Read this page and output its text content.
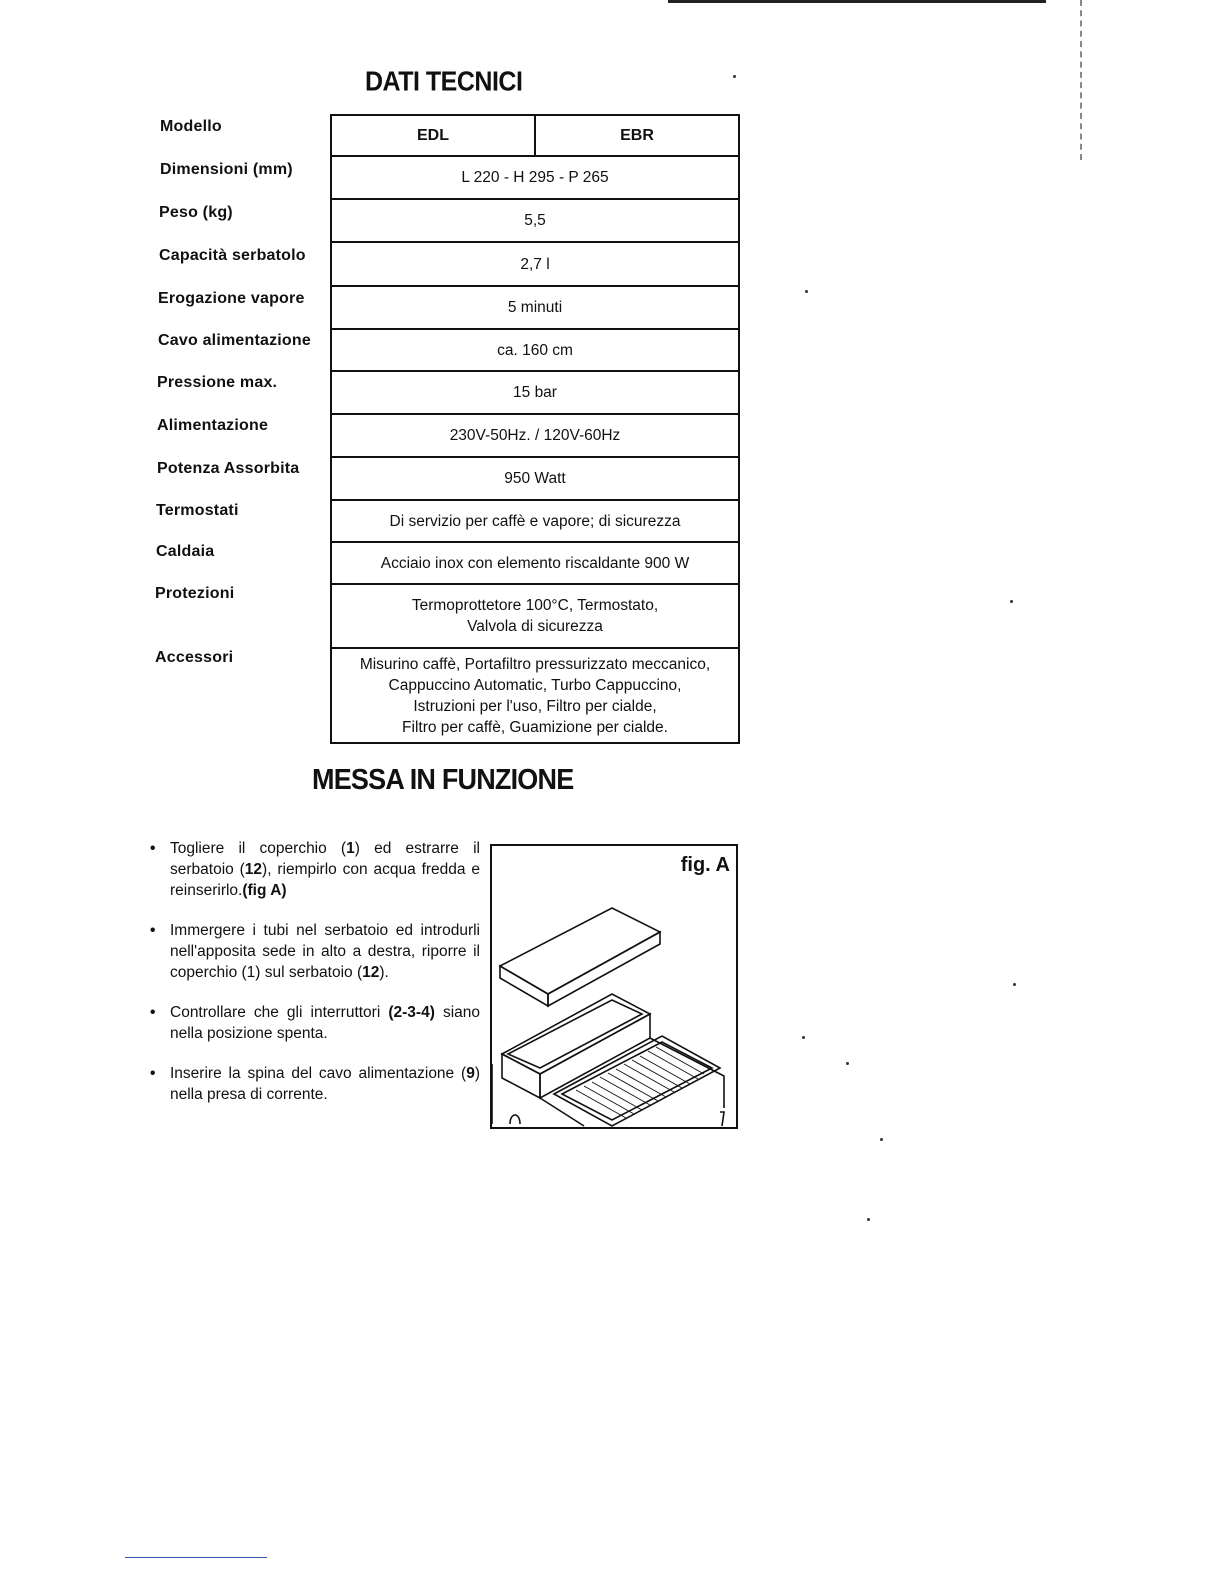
DATI TECNICI
Modello
Dimensioni (mm)
Peso (kg)
Capacità serbatolo
Erogazione vapore
Cavo alimentazione
Pressione max.
Alimentazione
Potenza Assorbita
Termostati
Caldaia
Protezioni
Accessori
EDL	EBR
L 220 - H 295 - P 265
5,5
2,7 l
5 minuti
ca. 160 cm
15 bar
230V-50Hz. / 120V-60Hz
950 Watt
Di servizio per caffè e vapore; di sicurezza
Acciaio inox con elemento riscaldante 900 W
Termoprottetore 100°C, Termostato,
Valvola di sicurezza
Misurino caffè, Portafiltro pressurizzato meccanico,
Cappuccino Automatic, Turbo Cappuccino,
Istruzioni per l'uso, Filtro per cialde,
Filtro per caffè, Guamizione per cialde.
MESSA IN FUNZIONE
• Togliere il coperchio (1) ed estrarre il serbatoio (12), riempirlo con acqua fredda e reinserirlo.(fig A)
• Immergere i tubi nel serbatoio ed introdurli nell'apposita sede in alto a destra, riporre il coperchio (1) sul serbatoio (12).
• Controllare che gli interruttori (2-3-4) siano nella posizione spenta.
• Inserire la spina del cavo alimentazione (9) nella presa di corrente.
fig. A
